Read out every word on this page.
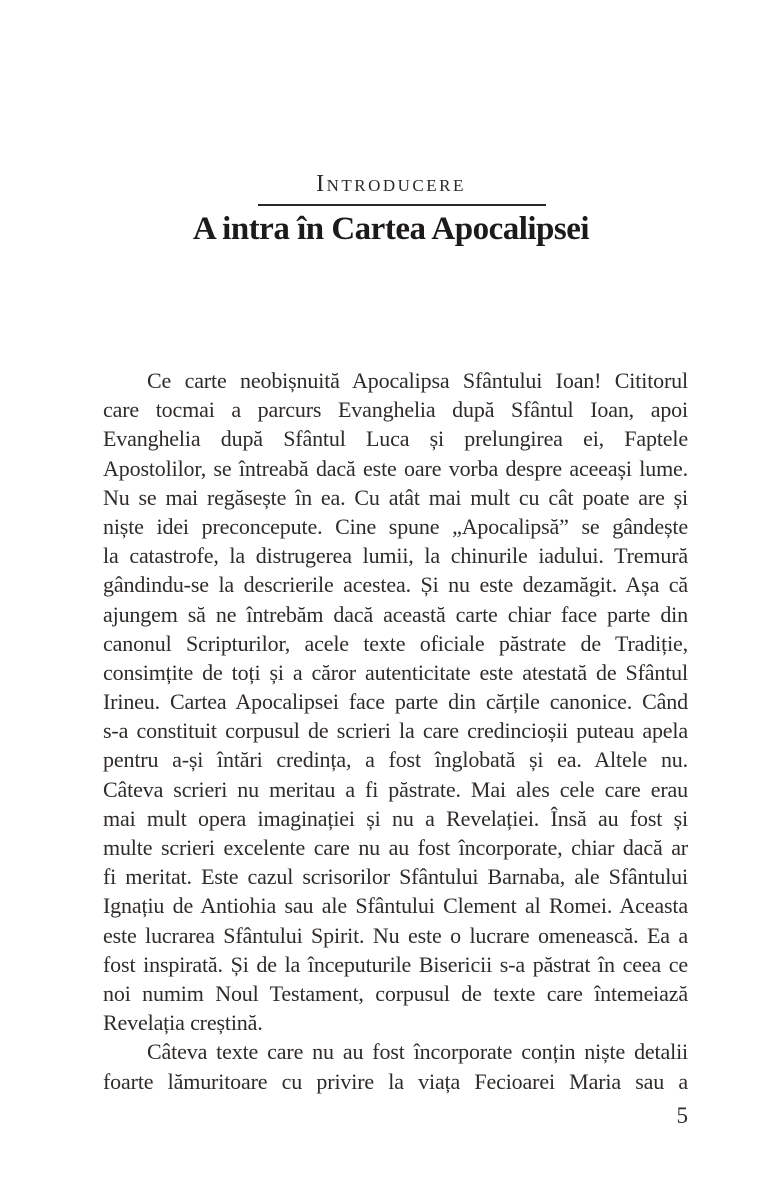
Introducere
A intra în Cartea Apocalipsei
Ce carte neobișnuită Apocalipsa Sfântului Ioan! Cititorul
care tocmai a parcurs Evanghelia după Sfântul Ioan, apoi
Evanghelia după Sfântul Luca și prelungirea ei, Faptele
Apostolilor, se întreabă dacă este oare vorba despre aceeași lume.
Nu se mai regăsește în ea. Cu atât mai mult cu cât poate are și
niște idei preconcepute. Cine spune „Apocalipsă” se gândește
la catastrofe, la distrugerea lumii, la chinurile iadului. Tremură
gândindu-se la descrierile acestea. Și nu este dezamăgit. Așa că
ajungem să ne întrebăm dacă această carte chiar face parte din
canonul Scripturilor, acele texte oficiale păstrate de Tradiție,
consimțite de toți și a căror autenticitate este atestată de Sfântul
Irineu. Cartea Apocalipsei face parte din cărțile canonice. Când
s-a constituit corpusul de scrieri la care credincioșii puteau apela
pentru a-și întări credința, a fost înglobată și ea. Altele nu.
Câteva scrieri nu meritau a fi păstrate. Mai ales cele care erau
mai mult opera imaginației și nu a Revelației. Însă au fost și
multe scrieri excelente care nu au fost încorporate, chiar dacă ar
fi meritat. Este cazul scrisorilor Sfântului Barnaba, ale Sfântului
Ignațiu de Antiohia sau ale Sfântului Clement al Romei. Aceasta
este lucrarea Sfântului Spirit. Nu este o lucrare omenească. Ea a
fost inspirată. Și de la începuturile Bisericii s-a păstrat în ceea ce
noi numim Noul Testament, corpusul de texte care întemeiază
Revelația creștină.
Câteva texte care nu au fost încorporate conțin niște detalii
foarte lămuritoare cu privire la viața Fecioarei Maria sau a
5
